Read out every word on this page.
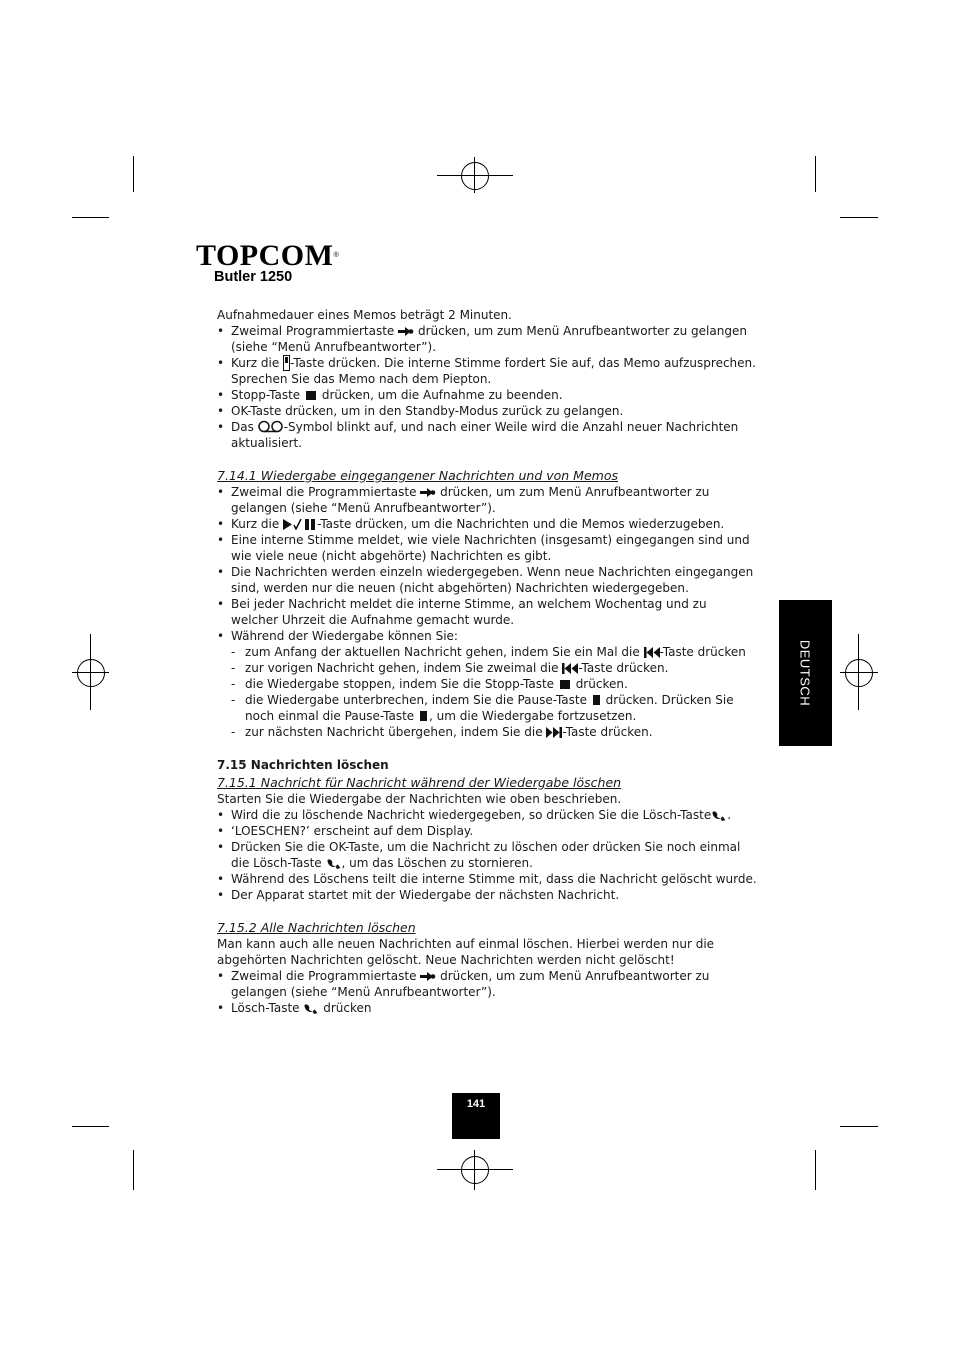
TOPCOM®
Butler 1250
DEUTSCH

Aufnahmedauer eines Memos beträgt 2 Minuten.

• Zweimal Programmiertaste drücken, um zum Menü Anrufbeantworter zu gelangen (siehe “Menü Anrufbeantworter”).
• Kurz die -Taste drücken. Die interne Stimme fordert Sie auf, das Memo aufzusprechen. Sprechen Sie das Memo nach dem Piepton.
• Stopp-Taste drücken, um die Aufnahme zu beenden.
• OK-Taste drücken, um in den Standby-Modus zurück zu gelangen.
• Das -Symbol blinkt auf, und nach einer Weile wird die Anzahl neuer Nachrichten aktualisiert.

7.14.1 Wiedergabe eingegangener Nachrichten und von Memos

• Zweimal die Programmiertaste drücken, um zum Menü Anrufbeantworter zu gelangen (siehe “Menü Anrufbeantworter”).
• Kurz die	-Taste drücken, um die Nachrichten und die Memos wiederzugeben.
• Eine interne Stimme meldet, wie viele Nachrichten (insgesamt) eingegangen sind und wie viele neue (nicht abgehörte) Nachrichten es gibt.
• Die Nachrichten werden einzeln wiedergegeben. Wenn neue Nachrichten eingegangen sind, werden nur die neuen (nicht abgehörten) Nachrichten wiedergegeben.
• Bei jeder Nachricht meldet die interne Stimme, an welchem Wochentag und zu welcher Uhrzeit die Aufnahme gemacht wurde.
• Während der Wiedergabe können Sie:
- zum Anfang der aktuellen Nachricht gehen, indem Sie ein Mal die -Taste drücken
- zur vorigen Nachricht gehen, indem Sie zweimal die -Taste drücken.
- die Wiedergabe stoppen, indem Sie die Stopp-Taste drücken.
- die Wiedergabe unterbrechen, indem Sie die Pause-Taste drücken. Drücken Sie noch einmal die Pause-Taste , um die Wiedergabe fortzusetzen.
- zur nächsten Nachricht übergehen, indem Sie die -Taste drücken.

7.15 Nachrichten löschen

7.15.1 Nachricht für Nachricht während der Wiedergabe löschen

Starten Sie die Wiedergabe der Nachrichten wie oben beschrieben.

• Wird die zu löschende Nachricht wiedergegeben, so drücken Sie die Lösch-Taste .
• ‘LOESCHEN?’ erscheint auf dem Display.
• Drücken Sie die OK-Taste, um die Nachricht zu löschen oder drücken Sie noch einmal die Lösch-Taste , um das Löschen zu stornieren.
• Während des Löschens teilt die interne Stimme mit, dass die Nachricht gelöscht wurde.
• Der Apparat startet mit der Wiedergabe der nächsten Nachricht.

7.15.2 Alle Nachrichten löschen

Man kann auch alle neuen Nachrichten auf einmal löschen. Hierbei werden nur die abgehörten Nachrichten gelöscht. Neue Nachrichten werden nicht gelöscht!

• Zweimal die Programmiertaste drücken, um zum Menü Anrufbeantworter zu gelangen (siehe “Menü Anrufbeantworter”).
• Lösch-Taste drücken
141
